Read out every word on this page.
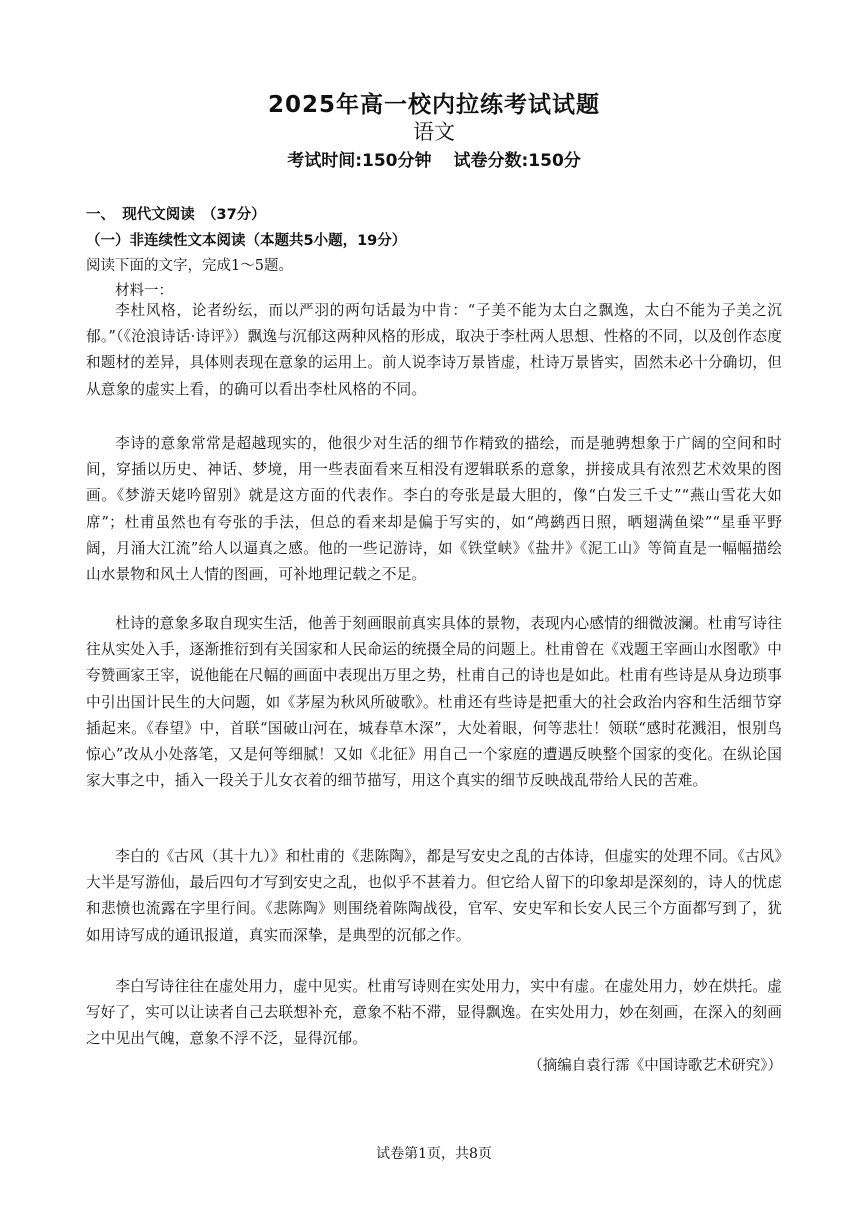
2025年高一校内拉练考试试题
语文
考试时间:150分钟 试卷分数:150分
一、　现代文阅读　（37分）
（一）非连续性文本阅读（本题共5小题，19分）
阅读下面的文字，完成1～5题。
材料一：
李杜风格，论者纷纭，而以严羽的两句话最为中肯：“子美不能为太白之飘逸，太白不能为子美之沉郁。”（《沧浪诗话·诗评》）飘逸与沉郁这两种风格的形成，取决于李杜两人思想、性格的不同，以及创作态度和题材的差异，具体则表现在意象的运用上。前人说李诗万景皆虚，杜诗万景皆实，固然未必十分确切，但从意象的虚实上看，的确可以看出李杜风格的不同。
李诗的意象常常是超越现实的，他很少对生活的细节作精致的描绘，而是驰骋想象于广阔的空间和时间，穿插以历史、神话、梦境，用一些表面看来互相没有逻辑联系的意象，拼接成具有浓烈艺术效果的图画。《梦游天姥吟留别》就是这方面的代表作。李白的夸张是最大胆的，像“白发三千丈”“燕山雪花大如席”；杜甫虽然也有夸张的手法，但总的看来却是偏于写实的，如“鸬鹚西日照，晒翅满鱼梁”“星垂平野阔，月涌大江流”给人以逼真之感。他的一些记游诗，如《铁堂峡》《盐井》《泥工山》等简直是一幅幅描绘山水景物和风土人情的图画，可补地理记载之不足。
杜诗的意象多取自现实生活，他善于刻画眼前真实具体的景物，表现内心感情的细微波澜。杜甫写诗往往从实处入手，逐渐推衍到有关国家和人民命运的统摄全局的问题上。杜甫曾在《戏题王宰画山水图歌》中夸赞画家王宰，说他能在尺幅的画面中表现出万里之势，杜甫自己的诗也是如此。杜甫有些诗是从身边琐事中引出国计民生的大问题，如《茅屋为秋风所破歌》。杜甫还有些诗是把重大的社会政治内容和生活细节穿插起来。《春望》中，首联“国破山河在，城春草木深”，大处着眼，何等悲壮！领联“感时花溅泪，恨别鸟惊心”改从小处落笔，又是何等细腻！又如《北征》用自己一个家庭的遭遇反映整个国家的变化。在纵论国家大事之中，插入一段关于儿女衣着的细节描写，用这个真实的细节反映战乱带给人民的苦难。
李白的《古风（其十九）》和杜甫的《悲陈陶》，都是写安史之乱的古体诗，但虚实的处理不同。《古风》大半是写游仙，最后四句才写到安史之乱，也似乎不甚着力。但它给人留下的印象却是深刻的，诗人的忧虑和悲愤也流露在字里行间。《悲陈陶》则围绕着陈陶战役，官军、安史军和长安人民三个方面都写到了，犹如用诗写成的通讯报道，真实而深挚，是典型的沉郁之作。
李白写诗往往在虚处用力，虚中见实。杜甫写诗则在实处用力，实中有虚。在虚处用力，妙在烘托。虚写好了，实可以让读者自己去联想补充，意象不粘不滞，显得飘逸。在实处用力，妙在刻画，在深入的刻画之中见出气魄，意象不浮不泛，显得沉郁。
（摘编自袁行霈《中国诗歌艺术研究》）
试卷第1页，共8页
